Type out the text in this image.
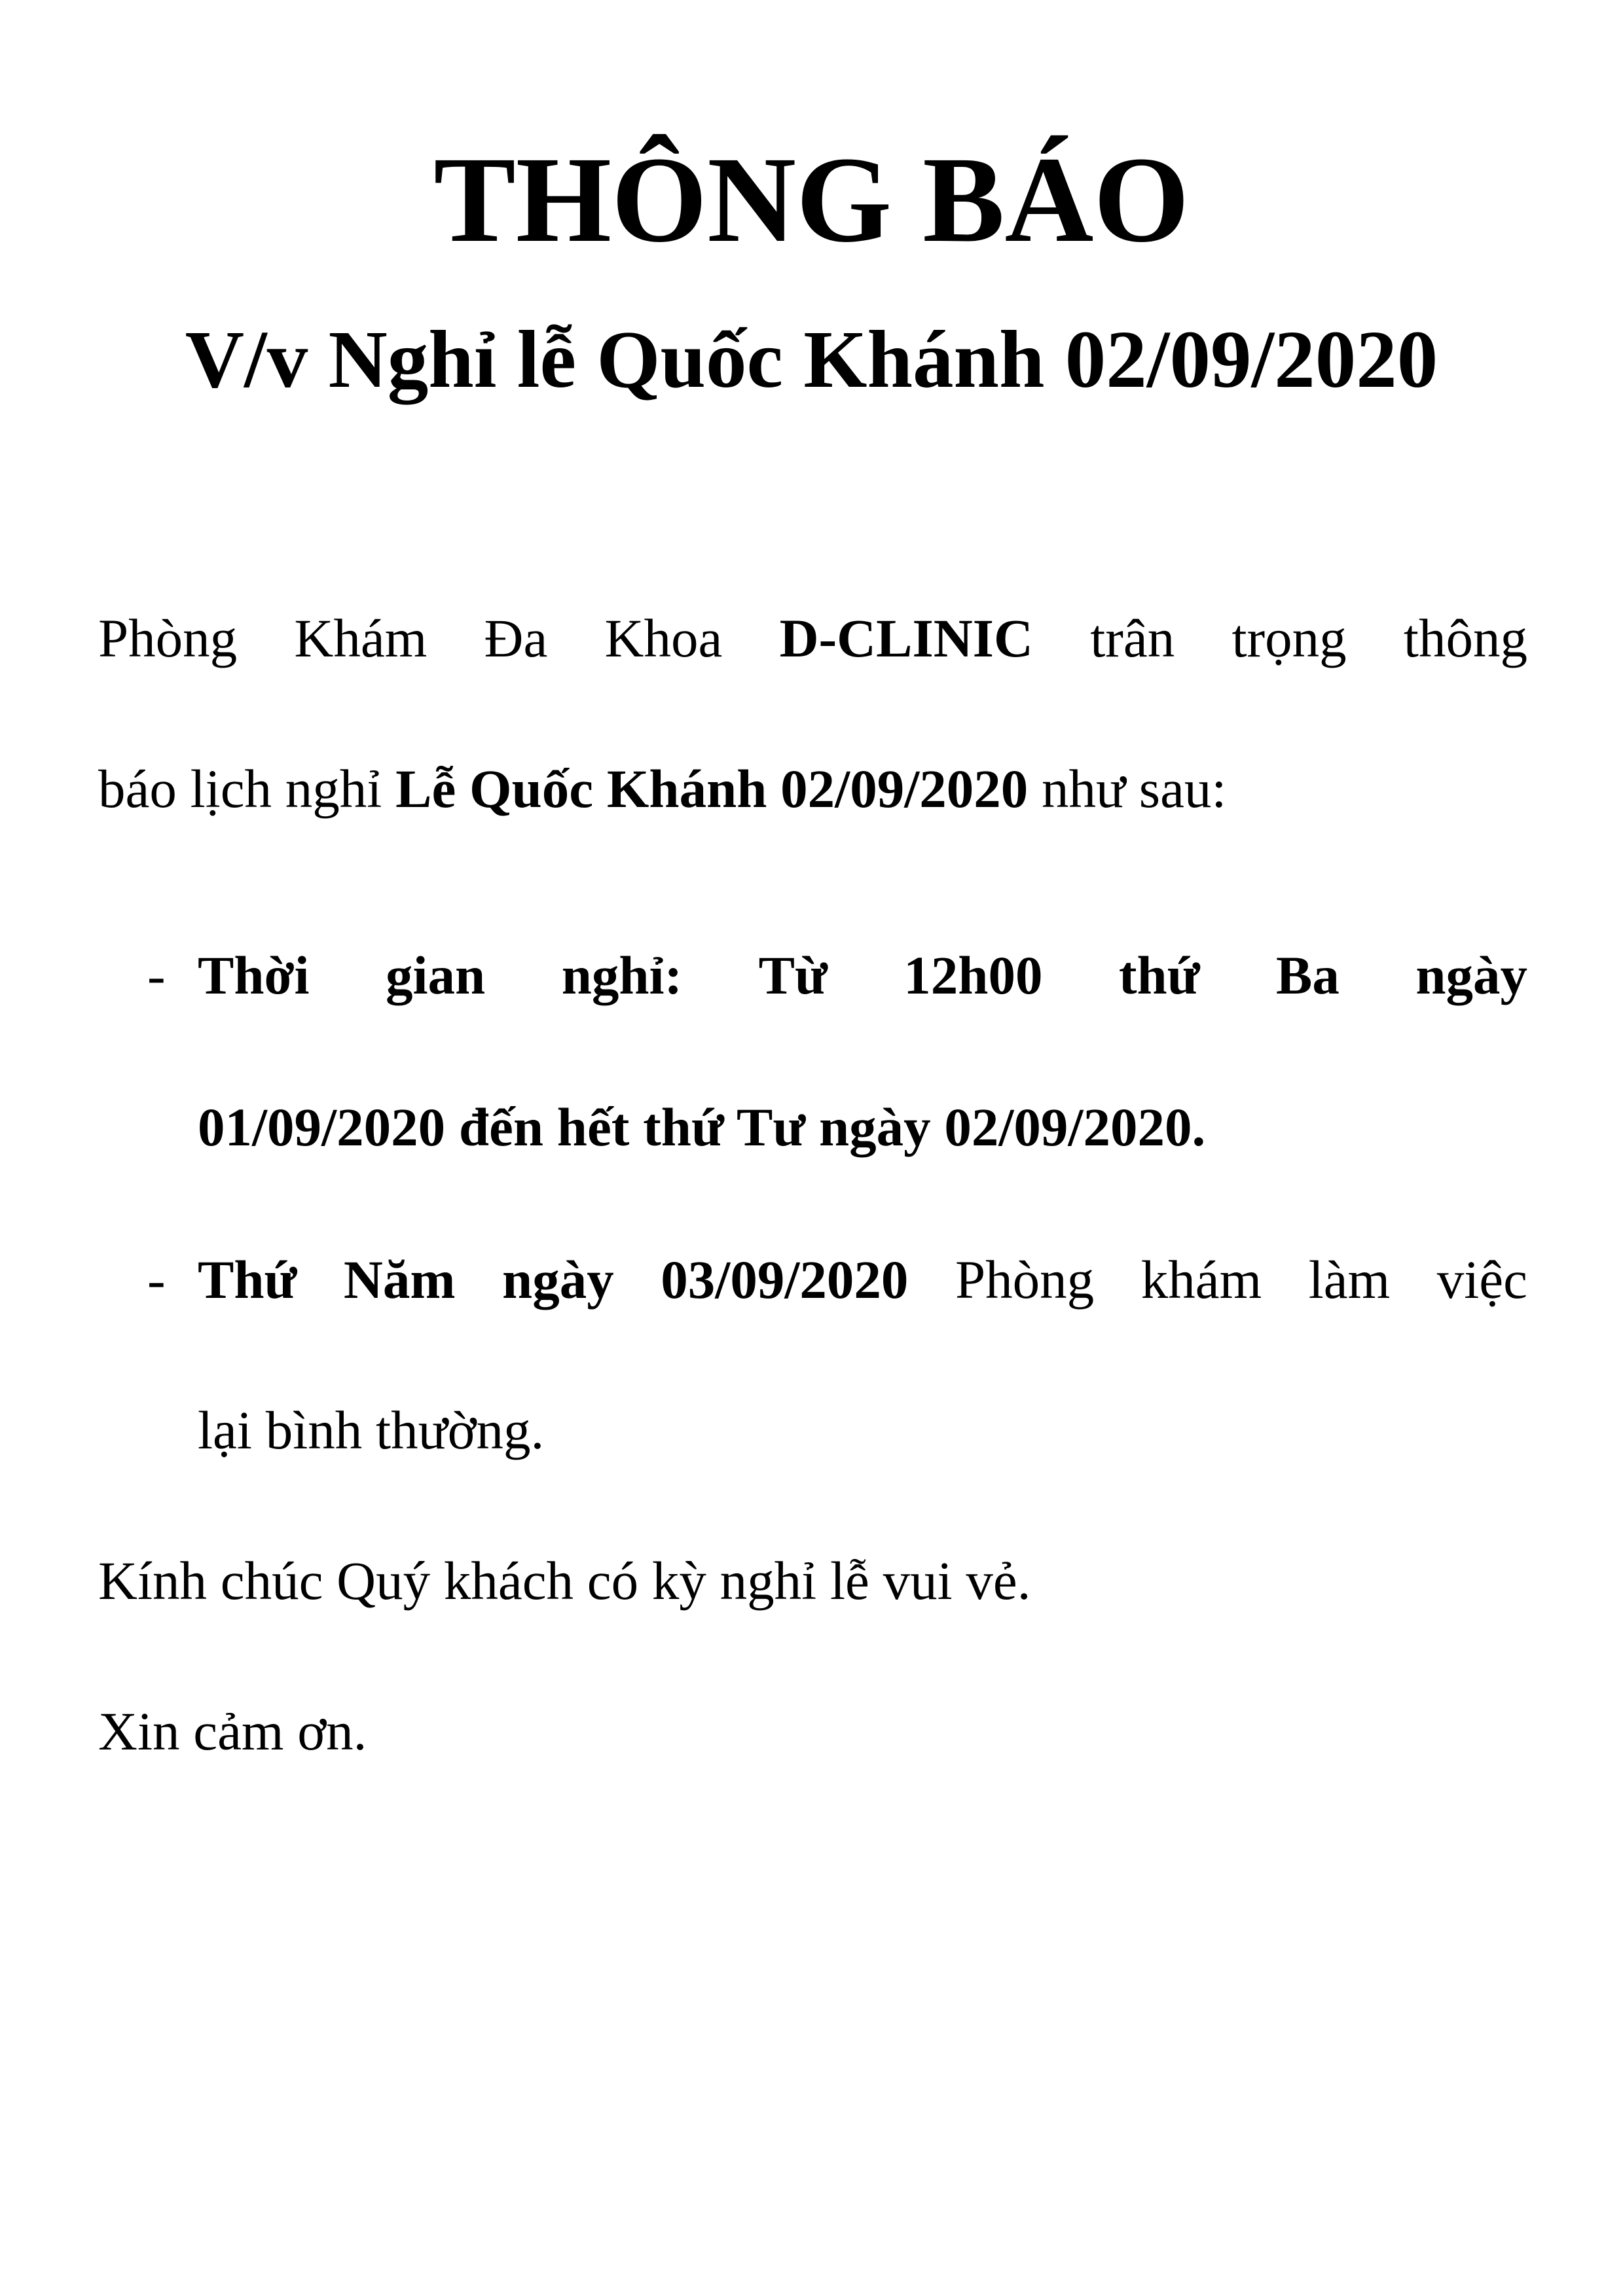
THÔNG BÁO
V/v Nghỉ lễ Quốc Khánh 02/09/2020
Phòng Khám Đa Khoa D-CLINIC trân trọng thông
báo lịch nghỉ Lễ Quốc Khánh 02/09/2020 như sau:
- Thời gian nghỉ: Từ 12h00 thứ Ba ngày
01/09/2020 đến hết thứ Tư ngày 02/09/2020.
- Thứ Năm ngày 03/09/2020 Phòng khám làm việc
lại bình thường.
Kính chúc Quý khách có kỳ nghỉ lễ vui vẻ.
Xin cảm ơn.
